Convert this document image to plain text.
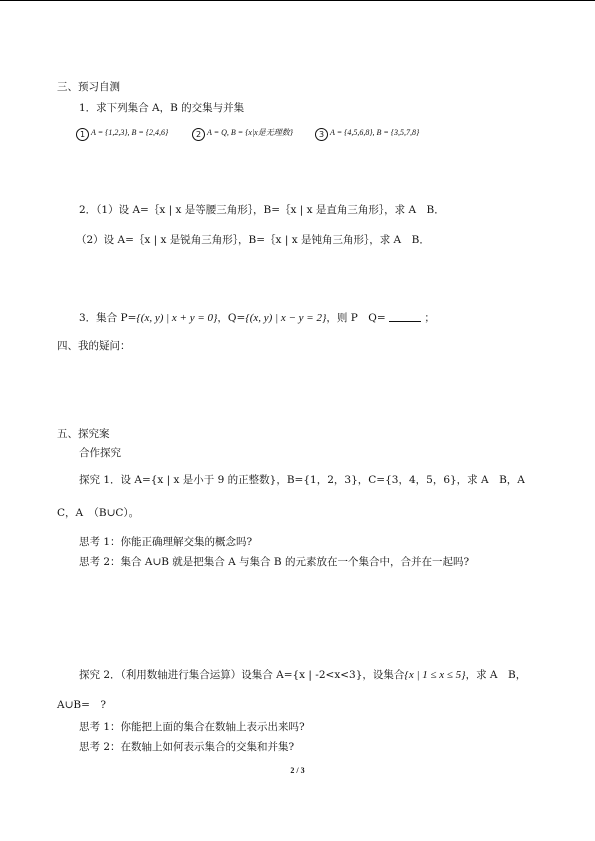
三、预习自测
1．求下列集合 A，B 的交集与并集
1 A = {1,2,3}, B = {2,4,6}	2 A = Q, B = {x|x是无理数}	3 A = {4,5,6,8}, B = {3,5,7,8}
2．（1）设 A=｛x | x 是等腰三角形｝，B=｛x | x 是直角三角形｝，求 A　B．
（2）设 A=｛x | x 是锐角三角形｝，B=｛x | x 是钝角三角形｝，求 A　B．
3．集合 P={(x, y) | x + y = 0}，Q={(x, y) | x − y = 2}，则 P　Q=	；
四、我的疑问：
五、探究案
合作探究
探究 1．设 A={x | x 是小于 9 的正整数}，B={1，2，3}，C={3，4，5，6}，求 A　B，A
C，A　（B∪C）。
思考 1：你能正确理解交集的概念吗?
思考 2：集合 A∪B 就是把集合 A 与集合 B 的元素放在一个集合中，合并在一起吗?
探究 2．（利用数轴进行集合运算）设集合 A={x | -2<x<3}，设集合{x | 1 ≤ x ≤ 5}，求 A　B，
A∪B=　?
思考 1：你能把上面的集合在数轴上表示出来吗?
思考 2：在数轴上如何表示集合的交集和并集?
2 / 3
